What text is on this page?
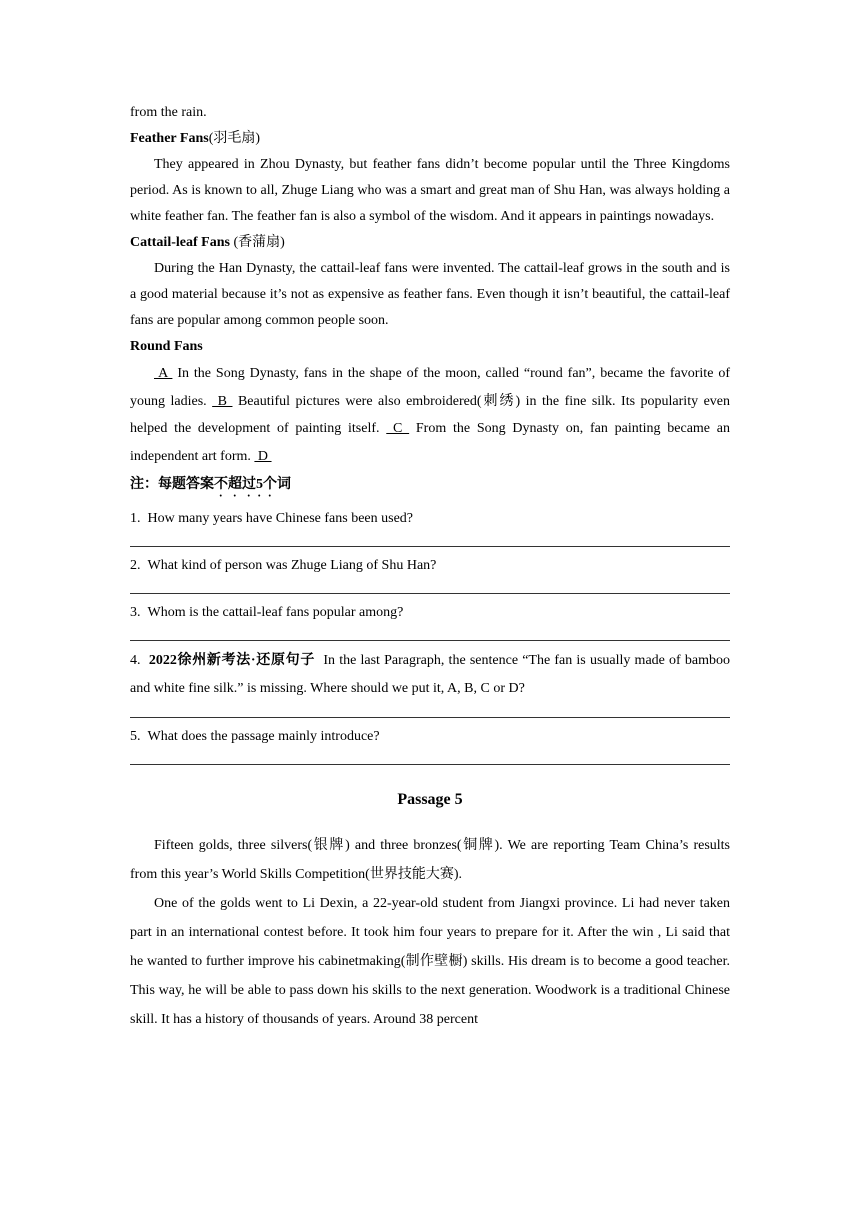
from the rain.

Feather Fans(羽毛扇)

They appeared in Zhou Dynasty, but feather fans didn’t become popular until the Three Kingdoms period. As is known to all, Zhuge Liang who was a smart and great man of Shu Han, was always holding a white feather fan. The feather fan is also a symbol of the wisdom. And it appears in paintings nowadays.

Cattail-leaf Fans (香蒲扇)

During the Han Dynasty, the cattail-leaf fans were invented. The cattail-leaf grows in the south and is a good material because it’s not as expensive as feather fans. Even though it isn’t beautiful, the cattail-leaf fans are popular among common people soon.

Round Fans

A  In the Song Dynasty, fans in the shape of the moon, called “round fan”, became the favorite of young ladies.  B  Beautiful pictures were also embroidered(刺绣) in the fine silk. Its popularity even helped the development of painting itself.  C  From the Song Dynasty on, fan painting became an independent art form.  D

注：每题答案不超过5个词

1. How many years have Chinese fans been used?

2. What kind of person was Zhuge Liang of Shu Han?

3. Whom is the cattail-leaf fans popular among?

4. 2022徐州新考法·还原句子 In the last Paragraph, the sentence “The fan is usually made of bamboo and white fine silk.” is missing. Where should we put it, A, B, C or D?

5. What does the passage mainly introduce?

Passage 5

Fifteen golds, three silvers(银牌) and three bronzes(铜牌). We are reporting Team China’s results from this year’s World Skills Competition(世界技能大赛).

One of the golds went to Li Dexin, a 22-year-old student from Jiangxi province. Li had never taken part in an international contest before. It took him four years to prepare for it. After the win , Li said that he wanted to further improve his cabinetmaking(制作壁橱) skills. His dream is to become a good teacher. This way, he will be able to pass down his skills to the next generation. Woodwork is a traditional Chinese skill. It has a history of thousands of years. Around 38 percent
